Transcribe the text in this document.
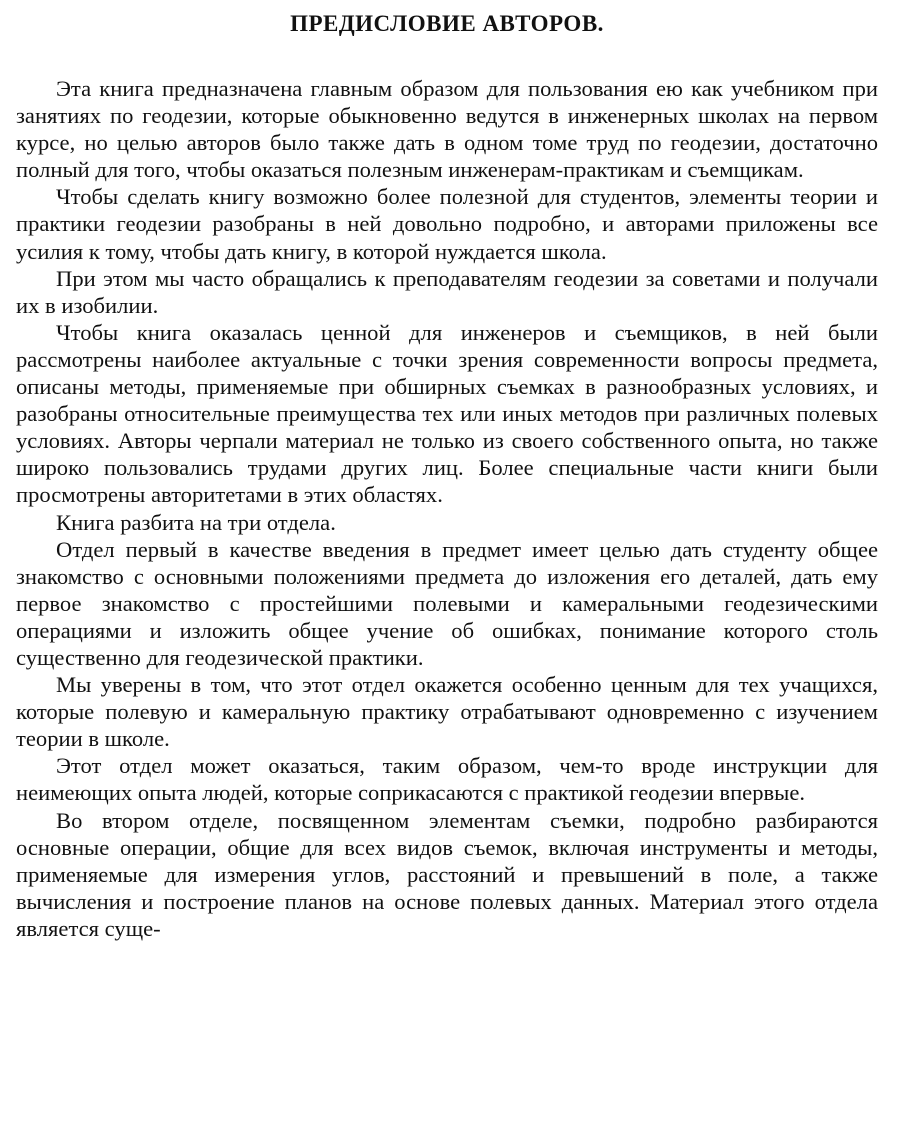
ПРЕДИСЛОВИЕ АВТОРОВ.

Эта книга предназначена главным образом для пользования ею как учебником при занятиях по геодезии, которые обыкновенно ведутся в инженерных школах на первом курсе, но целью авторов было также дать в одном томе труд по геодезии, достаточно полный для того, чтобы оказаться полезным инженерам-практикам и съемщикам.

Чтобы сделать книгу возможно более полезной для студентов, элементы теории и практики геодезии разобраны в ней довольно подробно, и авторами приложены все усилия к тому, чтобы дать книгу, в которой нуждается школа.

При этом мы часто обращались к преподавателям геодезии за советами и получали их в изобилии.

Чтобы книга оказалась ценной для инженеров и съемщиков, в ней были рассмотрены наиболее актуальные с точки зрения современности вопросы предмета, описаны методы, применяемые при обширных съемках в разнообразных условиях, и разобраны относительные преимущества тех или иных методов при различных полевых условиях. Авторы черпали материал не только из своего собственного опыта, но также широко пользовались трудами других лиц. Более специальные части книги были просмотрены авторитетами в этих областях.

Книга разбита на три отдела.

Отдел первый в качестве введения в предмет имеет целью дать студенту общее знакомство с основными положениями предмета до изложения его деталей, дать ему первое знакомство с простейшими полевыми и камеральными геодезическими операциями и изложить общее учение об ошибках, понимание которого столь существенно для геодезической практики.

Мы уверены в том, что этот отдел окажется особенно ценным для тех учащихся, которые полевую и камеральную практику отрабатывают одновременно с изучением теории в школе.

Этот отдел может оказаться, таким образом, чем-то вроде инструкции для неимеющих опыта людей, которые соприкасаются с практикой геодезии впервые.

Во втором отделе, посвященном элементам съемки, подробно разбираются основные операции, общие для всех видов съемок, включая инструменты и методы, применяемые для измерения углов, расстояний и превышений в поле, а также вычисления и построение планов на основе полевых данных. Материал этого отдела является суще-
